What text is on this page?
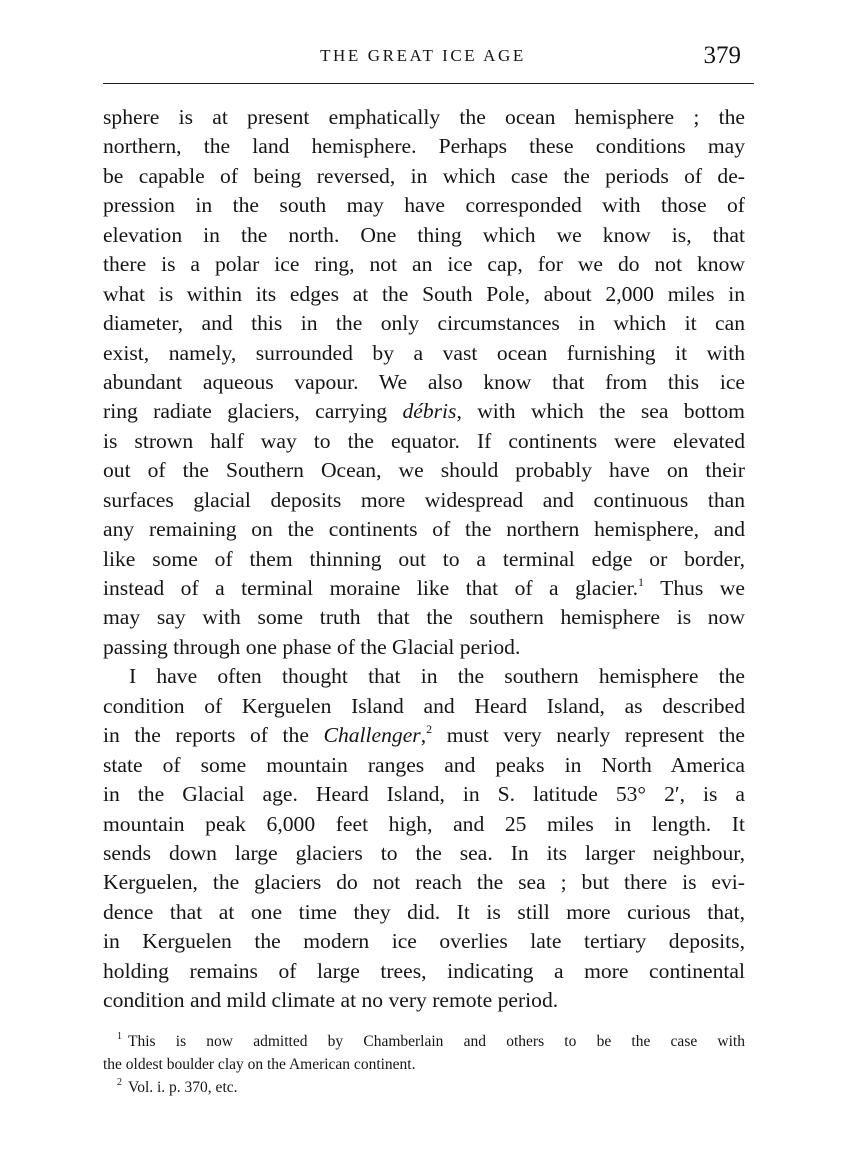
THE GREAT ICE AGE	379
sphere is at present emphatically the ocean hemisphere ; the
northern, the land hemisphere. Perhaps these conditions may
be capable of being reversed, in which case the periods of de-
pression in the south may have corresponded with those of
elevation in the north. One thing which we know is, that
there is a polar ice ring, not an ice cap, for we do not know
what is within its edges at the South Pole, about 2,000 miles in
diameter, and this in the only circumstances in which it can
exist, namely, surrounded by a vast ocean furnishing it with
abundant aqueous vapour. We also know that from this ice
ring radiate glaciers, carrying débris, with which the sea bottom
is strown half way to the equator. If continents were elevated
out of the Southern Ocean, we should probably have on their
surfaces glacial deposits more widespread and continuous than
any remaining on the continents of the northern hemisphere, and
like some of them thinning out to a terminal edge or border,
instead of a terminal moraine like that of a glacier.$^1$ Thus we
may say with some truth that the southern hemisphere is now
passing through one phase of the Glacial period.
I have often thought that in the southern hemisphere the
condition of Kerguelen Island and Heard Island, as described
in the reports of the Challenger,$^2$ must very nearly represent the
state of some mountain ranges and peaks in North America
in the Glacial age. Heard Island, in S. latitude 53° 2′, is a
mountain peak 6,000 feet high, and 25 miles in length. It
sends down large glaciers to the sea. In its larger neighbour,
Kerguelen, the glaciers do not reach the sea ; but there is evi-
dence that at one time they did. It is still more curious that,
in Kerguelen the modern ice overlies late tertiary deposits,
holding remains of large trees, indicating a more continental
condition and mild climate at no very remote period.
$^1$ This is now admitted by Chamberlain and others to be the case with
the oldest boulder clay on the American continent.
$^2$ Vol. i. p. 370, etc.
